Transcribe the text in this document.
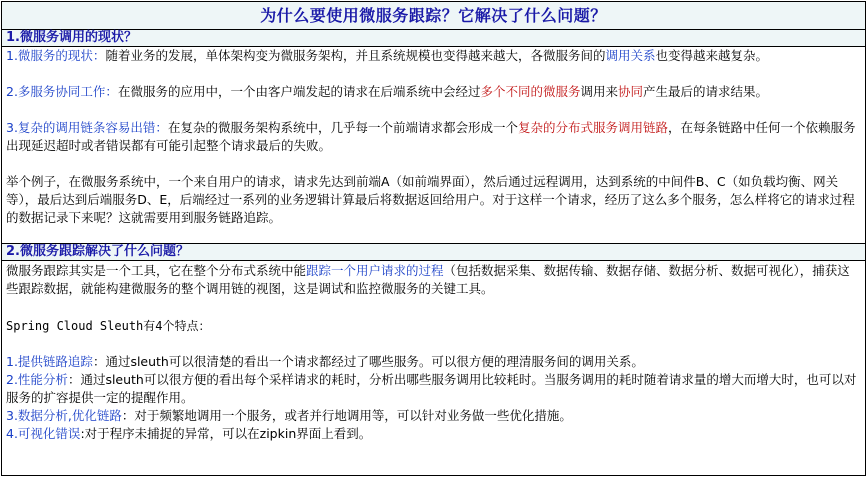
为什么要使用微服务跟踪？它解决了什么问题？
1.微服务调用的现状？

1.微服务的现状：随着业务的发展，单体架构变为微服务架构，并且系统规模也变得越来越大，各微服务间的调用关系也变得越来越复杂。

2.多服务协同工作：在微服务的应用中，一个由客户端发起的请求在后端系统中会经过多个不同的微服务调用来协同产生最后的请求结果。

3.复杂的调用链条容易出错：在复杂的微服务架构系统中，几乎每一个前端请求都会形成一个复杂的分布式服务调用链路，在每条链路中任何一个依赖服务出现延迟超时或者错误都有可能引起整个请求最后的失败。

举个例子，在微服务系统中，一个来自用户的请求，请求先达到前端A（如前端界面），然后通过远程调用，达到系统的中间件B、C（如负载均衡、网关等），最后达到后端服务D、E，后端经过一系列的业务逻辑计算最后将数据返回给用户。对于这样一个请求，经历了这么多个服务，怎么样将它的请求过程的数据记录下来呢？这就需要用到服务链路追踪。

2.微服务跟踪解决了什么问题？

微服务跟踪其实是一个工具，它在整个分布式系统中能跟踪一个用户请求的过程（包括数据采集、数据传输、数据存储、数据分析、数据可视化），捕获这些跟踪数据，就能构建微服务的整个调用链的视图，这是调试和监控微服务的关键工具。

Spring Cloud Sleuth有4个特点：

1.提供链路追踪：通过sleuth可以很清楚的看出一个请求都经过了哪些服务。可以很方便的理清服务间的调用关系。

2.性能分析：通过sleuth可以很方便的看出每个采样请求的耗时，分析出哪些服务调用比较耗时。当服务调用的耗时随着请求量的增大而增大时，也可以对服务的扩容提供一定的提醒作用。

3.数据分析,优化链路：对于频繁地调用一个服务，或者并行地调用等，可以针对业务做一些优化措施。

4.可视化错误:对于程序未捕捉的异常，可以在zipkin界面上看到。
